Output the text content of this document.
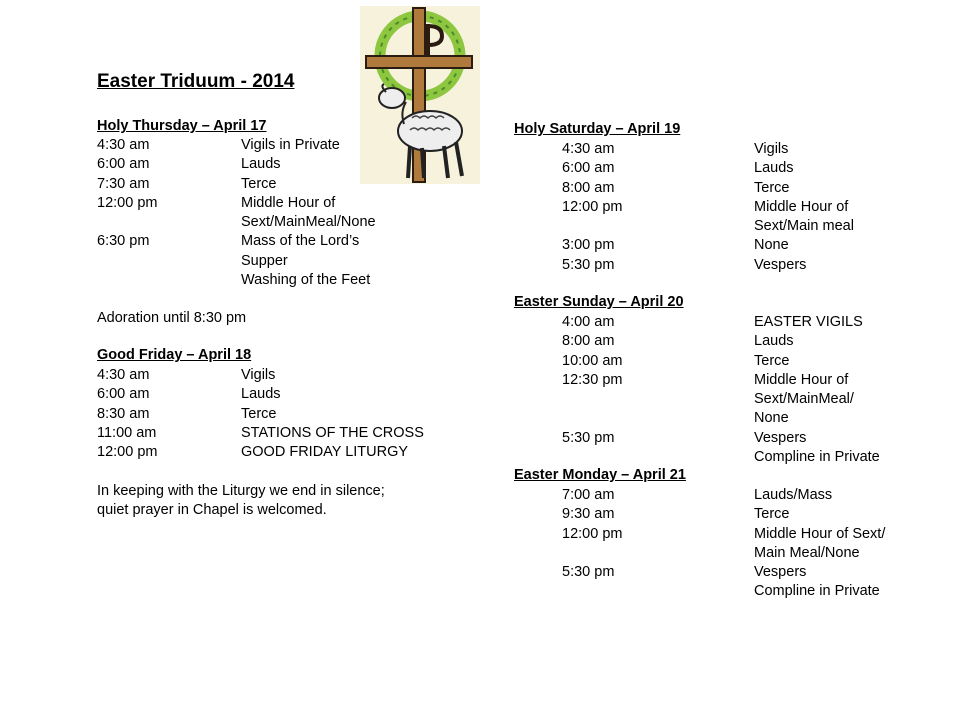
Easter Triduum - 2014
Holy Thursday – April 17
4:30 am
6:00 am
7:30 am
12:00 pm
6:30 pm
Vigils in Private
Lauds
Terce
Middle Hour of
Sext/MainMeal/None
Mass of the Lord’s
Supper
Washing of the Feet
Adoration until 8:30 pm
Good Friday – April 18
4:30 am
6:00 am
8:30 am
11:00 am
12:00 pm
Vigils
Lauds
Terce
STATIONS OF THE CROSS
GOOD FRIDAY LITURGY
In keeping with the Liturgy we end in silence;
quiet prayer in Chapel is welcomed.
Holy Saturday – April 19
4:30 am
6:00 am
8:00 am
12:00 pm
3:00 pm
5:30 pm
Vigils
Lauds
Terce
Middle Hour of
Sext/Main meal
None
Vespers
Easter Sunday – April 20
4:00 am
8:00 am
10:00 am
12:30 pm
5:30 pm
EASTER VIGILS
Lauds
Terce
Middle Hour of
Sext/MainMeal/
None
Vespers
Compline in Private
Easter Monday – April 21
7:00 am
9:30 am
12:00 pm
5:30 pm
Lauds/Mass
Terce
Middle Hour of Sext/
Main Meal/None
Vespers
Compline in Private
